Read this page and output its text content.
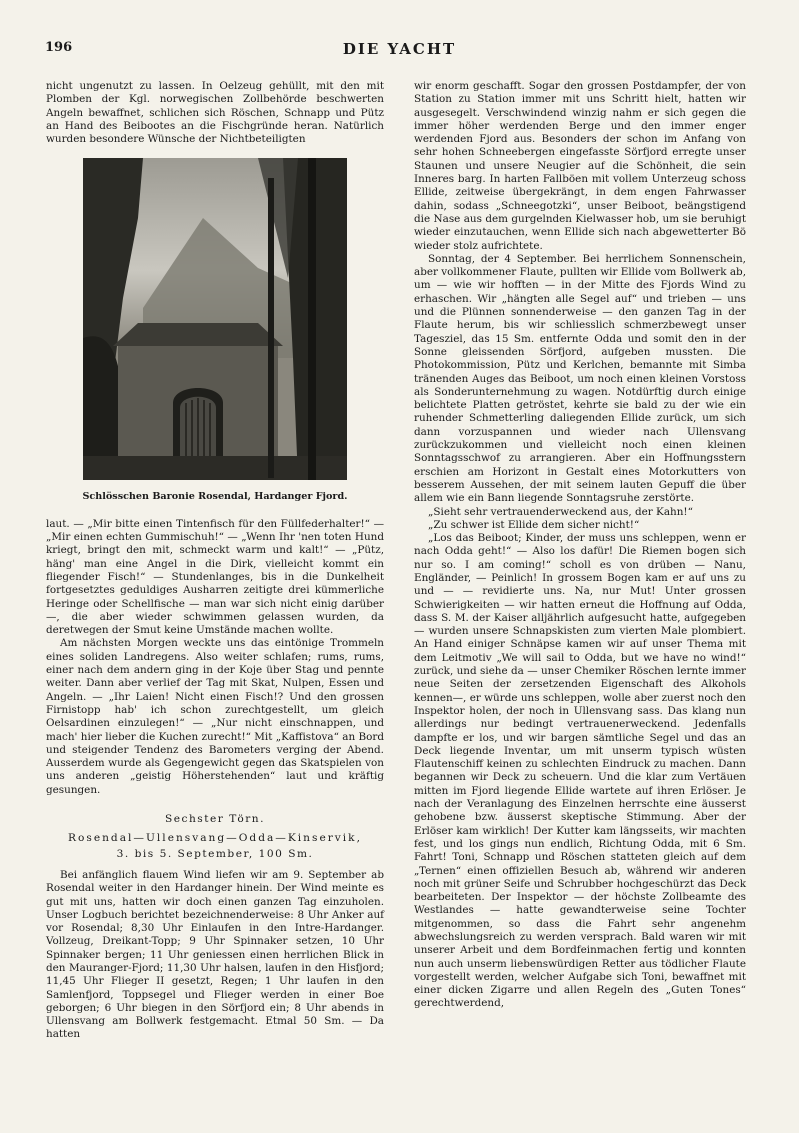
196	DIE YACHT

nicht ungenutzt zu lassen. In Oelzeug gehüllt, mit den mit Plomben der Kgl. norwegischen Zollbehörde beschwerten Angeln bewaffnet, schlichen sich Röschen, Schnapp und Pütz an Hand des Beibootes an die Fischgründe heran. Natürlich wurden besondere Wünsche der Nichtbeteiligten

Schlösschen Baronie Rosendal, Hardanger Fjord.

laut. — „Mir bitte einen Tintenfisch für den Füllfederhalter!“ — „Mir einen echten Gummischuh!“ — „Wenn Ihr 'nen toten Hund kriegt, bringt den mit, schmeckt warm und kalt!“ — „Pütz, häng' man eine Angel in die Dirk, vielleicht kommt ein fliegender Fisch!“ — Stundenlanges, bis in die Dunkelheit fortgesetztes geduldiges Ausharren zeitigte drei kümmerliche Heringe oder Schellfische — man war sich nicht einig darüber —, die aber wieder schwimmen gelassen wurden, da deretwegen der Smut keine Umstände machen wollte.

Am nächsten Morgen weckte uns das eintönige Trommeln eines soliden Landregens. Also weiter schlafen; rums, rums, einer nach dem andern ging in der Koje über Stag und pennte weiter. Dann aber verlief der Tag mit Skat, Nulpen, Essen und Angeln. — „Ihr Laien! Nicht einen Fisch!? Und den grossen Firnistopp hab' ich schon zurechtgestellt, um gleich Oelsardinen einzulegen!“ — „Nur nicht einschnappen, und mach' hier lieber die Kuchen zurecht!“ Mit „Kaffistova“ an Bord und steigender Tendenz des Barometers verging der Abend. Ausserdem wurde als Gegengewicht gegen das Skatspielen von uns anderen „geistig Höherstehenden“ laut und kräftig gesungen.

Sechster Törn.
Rosendal—Ullensvang—Odda—Kinservik,
3. bis 5. September, 100 Sm.

Bei anfänglich flauem Wind liefen wir am 9. September ab Rosendal weiter in den Hardanger hinein. Der Wind meinte es gut mit uns, hatten wir doch einen ganzen Tag einzuholen. Unser Logbuch berichtet bezeichnenderweise: 8 Uhr Anker auf vor Rosendal; 8,30 Uhr Einlaufen in den Intre-Hardanger. Vollzeug, Dreikant-Topp; 9 Uhr Spinnaker setzen, 10 Uhr Spinnaker bergen; 11 Uhr geniessen einen herrlichen Blick in den Mauranger-Fjord; 11,30 Uhr halsen, laufen in den Hisfjord; 11,45 Uhr Flieger II gesetzt, Regen; 1 Uhr laufen in den Samlenfjord, Toppsegel und Flieger werden in einer Boe geborgen; 6 Uhr biegen in den Sörfjord ein; 8 Uhr abends in Ullensvang am Bollwerk festgemacht. Etmal 50 Sm. — Da hatten

wir enorm geschafft. Sogar den grossen Postdampfer, der von Station zu Station immer mit uns Schritt hielt, hatten wir ausgesegelt. Verschwindend winzig nahm er sich gegen die immer höher werdenden Berge und den immer enger werdenden Fjord aus. Besonders der schon im Anfang von sehr hohen Schneebergen eingefasste Sörfjord erregte unser Staunen und unsere Neugier auf die Schönheit, die sein Inneres barg. In harten Fallböen mit vollem Unterzeug schoss Ellide, zeitweise übergekrängt, in dem engen Fahrwasser dahin, sodass „Schneegotzki“, unser Beiboot, beängstigend die Nase aus dem gurgelnden Kielwasser hob, um sie beruhigt wieder einzutauchen, wenn Ellide sich nach abgewetterter Bö wieder stolz aufrichtete.

Sonntag, der 4 September. Bei herrlichem Sonnenschein, aber vollkommener Flaute, pullten wir Ellide vom Bollwerk ab, um — wie wir hofften — in der Mitte des Fjords Wind zu erhaschen. Wir „hängten alle Segel auf“ und trieben — uns und die Plünnen sonnenderweise — den ganzen Tag in der Flaute herum, bis wir schliesslich schmerzbewegt unser Tagesziel, das 15 Sm. entfernte Odda und somit den in der Sonne gleissenden Sörfjord, aufgeben mussten. Die Photokommission, Pütz und Kerlchen, bemannte mit Simba tränenden Auges das Beiboot, um noch einen kleinen Vorstoss als Sonderunternehmung zu wagen. Notdürftig durch einige belichtete Platten getröstet, kehrte sie bald zu der wie ein ruhender Schmetterling daliegenden Ellide zurück, um sich dann vorzuspannen und wieder nach Ullensvang zurückzukommen und vielleicht noch einen kleinen Sonntagsschwof zu arrangieren. Aber ein Hoffnungsstern erschien am Horizont in Gestalt eines Motorkutters von besserem Aussehen, der mit seinem lauten Gepuff die über allem wie ein Bann liegende Sonntagsruhe zerstörte.

„Sieht sehr vertrauenderweckend aus, der Kahn!“

„Zu schwer ist Ellide dem sicher nicht!“

„Los das Beiboot; Kinder, der muss uns schleppen, wenn er nach Odda geht!“ — Also los dafür! Die Riemen bogen sich nur so. I am coming!“ scholl es von drüben — Nanu, Engländer, — Peinlich! In grossem Bogen kam er auf uns zu und — — revidierte uns. Na, nur Mut! Unter grossen Schwierigkeiten — wir hatten erneut die Hoffnung auf Odda, dass S. M. der Kaiser alljährlich aufgesucht hatte, aufgegeben — wurden unsere Schnapskisten zum vierten Male plombiert. An Hand einiger Schnäpse kamen wir auf unser Thema mit dem Leitmotiv „We will sail to Odda, but we have no wind!“ zurück, und siehe da — unser Chemiker Röschen lernte immer neue Seiten der zersetzenden Eigenschaft des Alkohols kennen—, er würde uns schleppen, wolle aber zuerst noch den Inspektor holen, der noch in Ullensvang sass. Das klang nun allerdings nur bedingt vertrauenerweckend. Jedenfalls dampfte er los, und wir bargen sämtliche Segel und das an Deck liegende Inventar, um mit unserm typisch wüsten Flautenschiff keinen zu schlechten Eindruck zu machen. Dann begannen wir Deck zu scheuern. Und die klar zum Vertäuen mitten im Fjord liegende Ellide wartete auf ihren Erlöser. Je nach der Veranlagung des Einzelnen herrschte eine äusserst gehobene bzw. äusserst skeptische Stimmung. Aber der Erlöser kam wirklich! Der Kutter kam längsseits, wir machten fest, und los gings nun endlich, Richtung Odda, mit 6 Sm. Fahrt! Toni, Schnapp und Röschen statteten gleich auf dem „Ternen“ einen offiziellen Besuch ab, während wir anderen noch mit grüner Seife und Schrubber hochgeschürzt das Deck bearbeiteten. Der Inspektor — der höchste Zollbeamte des Westlandes — hatte gewandterweise seine Tochter mitgenommen, so dass die Fahrt sehr angenehm abwechslungsreich zu werden versprach. Bald waren wir mit unserer Arbeit und dem Bordfeinmachen fertig und konnten nun auch unserm liebenswürdigen Retter aus tödlicher Flaute vorgestellt werden, welcher Aufgabe sich Toni, bewaffnet mit einer dicken Zigarre und allen Regeln des „Guten Tones“ gerechtwerdend,
